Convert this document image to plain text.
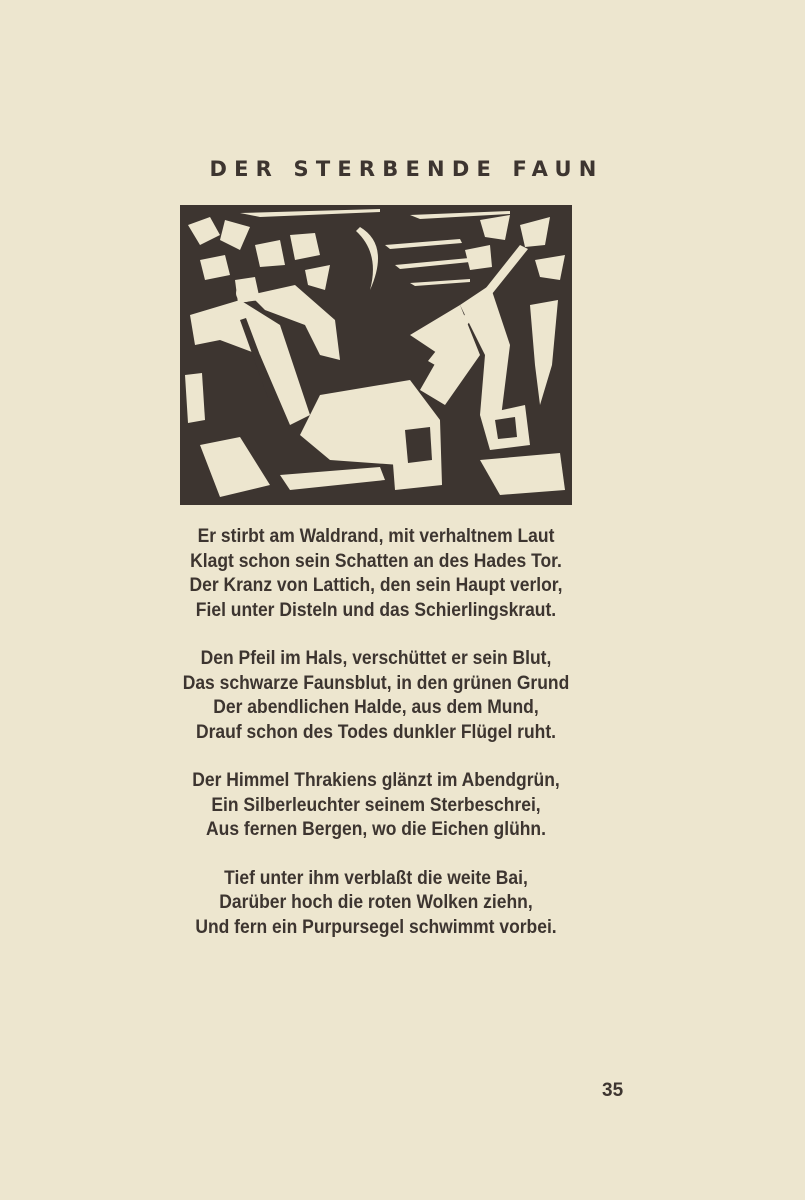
DER STERBENDE FAUN
Er stirbt am Waldrand, mit verhaltnem Laut
Klagt schon sein Schatten an des Hades Tor.
Der Kranz von Lattich, den sein Haupt verlor,
Fiel unter Disteln und das Schierlingskraut.
Den Pfeil im Hals, verschüttet er sein Blut,
Das schwarze Faunsblut, in den grünen Grund
Der abendlichen Halde, aus dem Mund,
Drauf schon des Todes dunkler Flügel ruht.
Der Himmel Thrakiens glänzt im Abendgrün,
Ein Silberleuchter seinem Sterbeschrei,
Aus fernen Bergen, wo die Eichen glühn.
Tief unter ihm verblaßt die weite Bai,
Darüber hoch die roten Wolken ziehn,
Und fern ein Purpursegel schwimmt vorbei.
35
